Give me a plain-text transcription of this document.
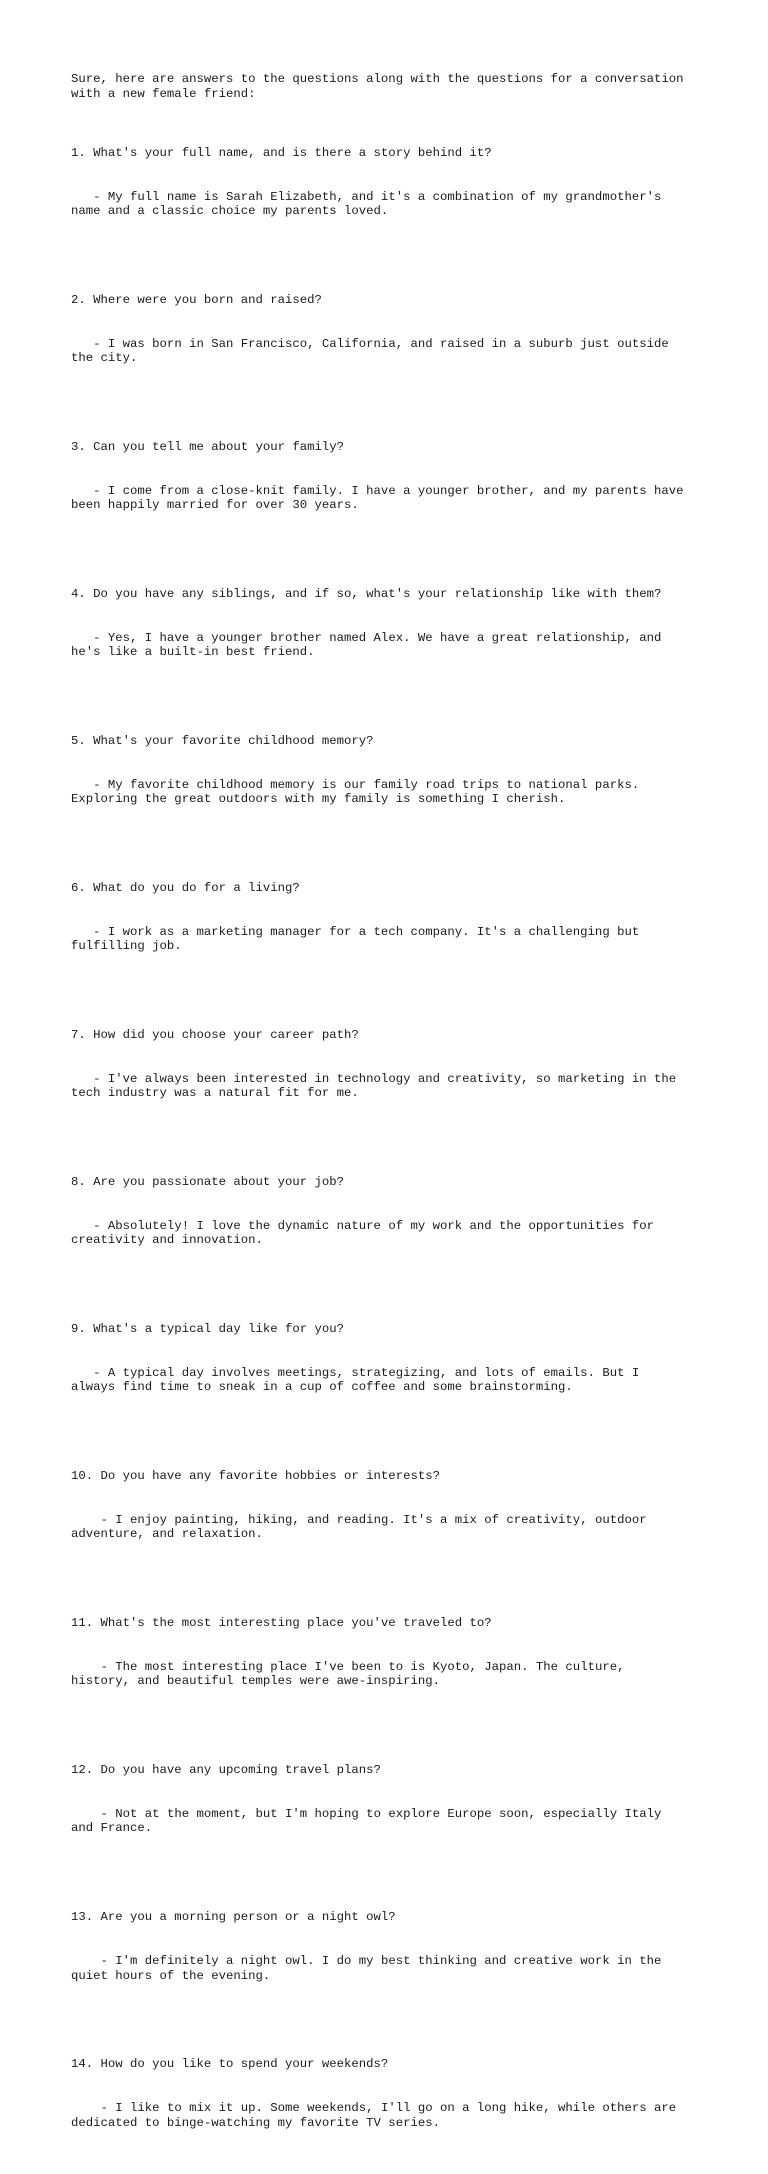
Sure, here are answers to the questions along with the questions for a conversation
with a new female friend:

1. What's your full name, and is there a story behind it?

- My full name is Sarah Elizabeth, and it's a combination of my grandmother's
name and a classic choice my parents loved.

2. Where were you born and raised?

- I was born in San Francisco, California, and raised in a suburb just outside
the city.

3. Can you tell me about your family?

- I come from a close-knit family. I have a younger brother, and my parents have
been happily married for over 30 years.

4. Do you have any siblings, and if so, what's your relationship like with them?

- Yes, I have a younger brother named Alex. We have a great relationship, and
he's like a built-in best friend.

5. What's your favorite childhood memory?

- My favorite childhood memory is our family road trips to national parks.
Exploring the great outdoors with my family is something I cherish.

6. What do you do for a living?

- I work as a marketing manager for a tech company. It's a challenging but
fulfilling job.

7. How did you choose your career path?

- I've always been interested in technology and creativity, so marketing in the
tech industry was a natural fit for me.

8. Are you passionate about your job?

- Absolutely! I love the dynamic nature of my work and the opportunities for
creativity and innovation.

9. What's a typical day like for you?

- A typical day involves meetings, strategizing, and lots of emails. But I
always find time to sneak in a cup of coffee and some brainstorming.

10. Do you have any favorite hobbies or interests?

- I enjoy painting, hiking, and reading. It's a mix of creativity, outdoor
adventure, and relaxation.

11. What's the most interesting place you've traveled to?

- The most interesting place I've been to is Kyoto, Japan. The culture,
history, and beautiful temples were awe-inspiring.

12. Do you have any upcoming travel plans?

- Not at the moment, but I'm hoping to explore Europe soon, especially Italy
and France.

13. Are you a morning person or a night owl?

- I'm definitely a night owl. I do my best thinking and creative work in the
quiet hours of the evening.

14. How do you like to spend your weekends?

- I like to mix it up. Some weekends, I'll go on a long hike, while others are
dedicated to binge-watching my favorite TV series.
